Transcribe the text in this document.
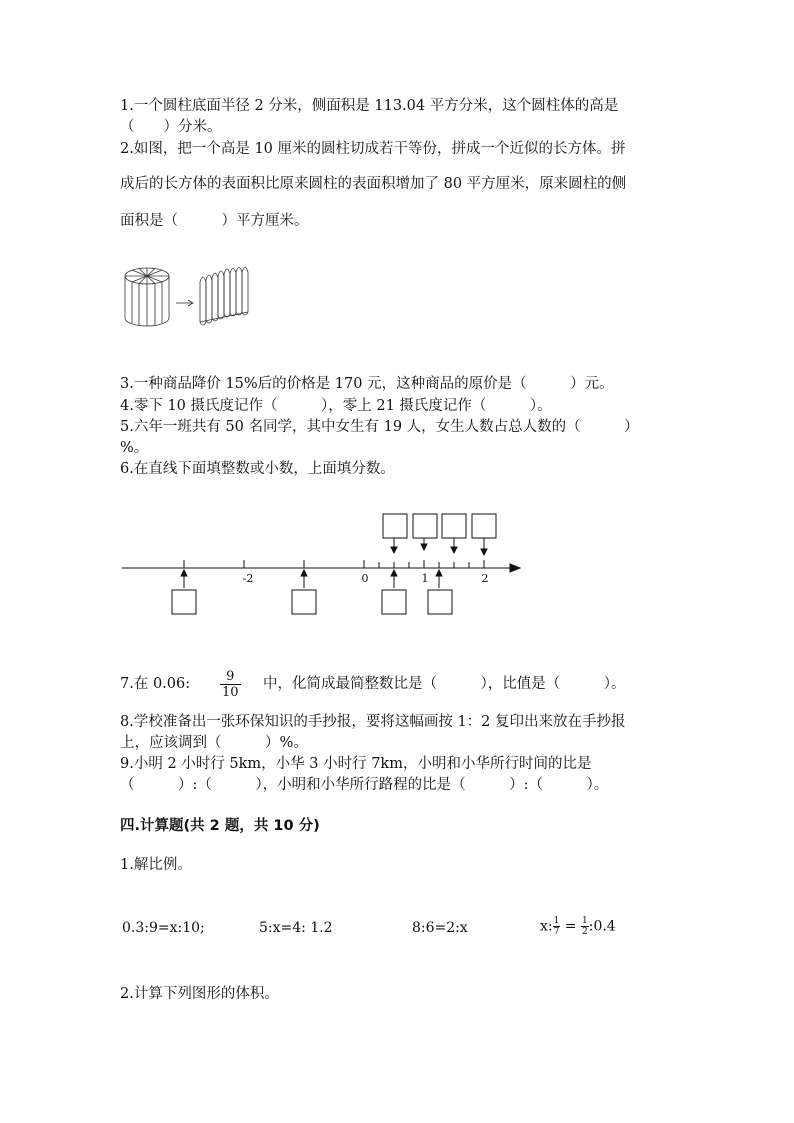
1.一个圆柱底面半径 2 分米，侧面积是 113.04 平方分米，这个圆柱体的高是
（　　）分米。
2.如图，把一个高是 10 厘米的圆柱切成若干等份，拼成一个近似的长方体。拼
成后的长方体的表面积比原来圆柱的表面积增加了 80 平方厘米，原来圆柱的侧
面积是（　　　）平方厘米。
3.一种商品降价 15%后的价格是 170 元，这种商品的原价是（　　　）元。
4.零下 10 摄氏度记作（　　　），零上 21 摄氏度记作（　　　）。
5.六年一班共有 50 名同学，其中女生有 19 人，女生人数占总人数的（　　　）
%。
6.在直线下面填整数或小数，上面填分数。
-2	0	1	2
7.在 0.06: $\frac{9}{10}$ 中，化简成最简整数比是（　　　），比值是（　　　）。
8.学校准备出一张环保知识的手抄报，要将这幅画按 1：2 复印出来放在手抄报
上，应该调到（　　　）%。
9.小明 2 小时行 5km，小华 3 小时行 7km，小明和小华所行时间的比是
（　　　）:（　　　），小明和小华所行路程的比是（　　　）:（　　　）。
四.计算题(共 2 题，共 10 分)
1.解比例。
0.3:9=x:10;	5:x=4: 1.2	8:6=2:x	x: $\frac{1}{7} = \frac{1}{2}$ :0.4
2.计算下列图形的体积。
